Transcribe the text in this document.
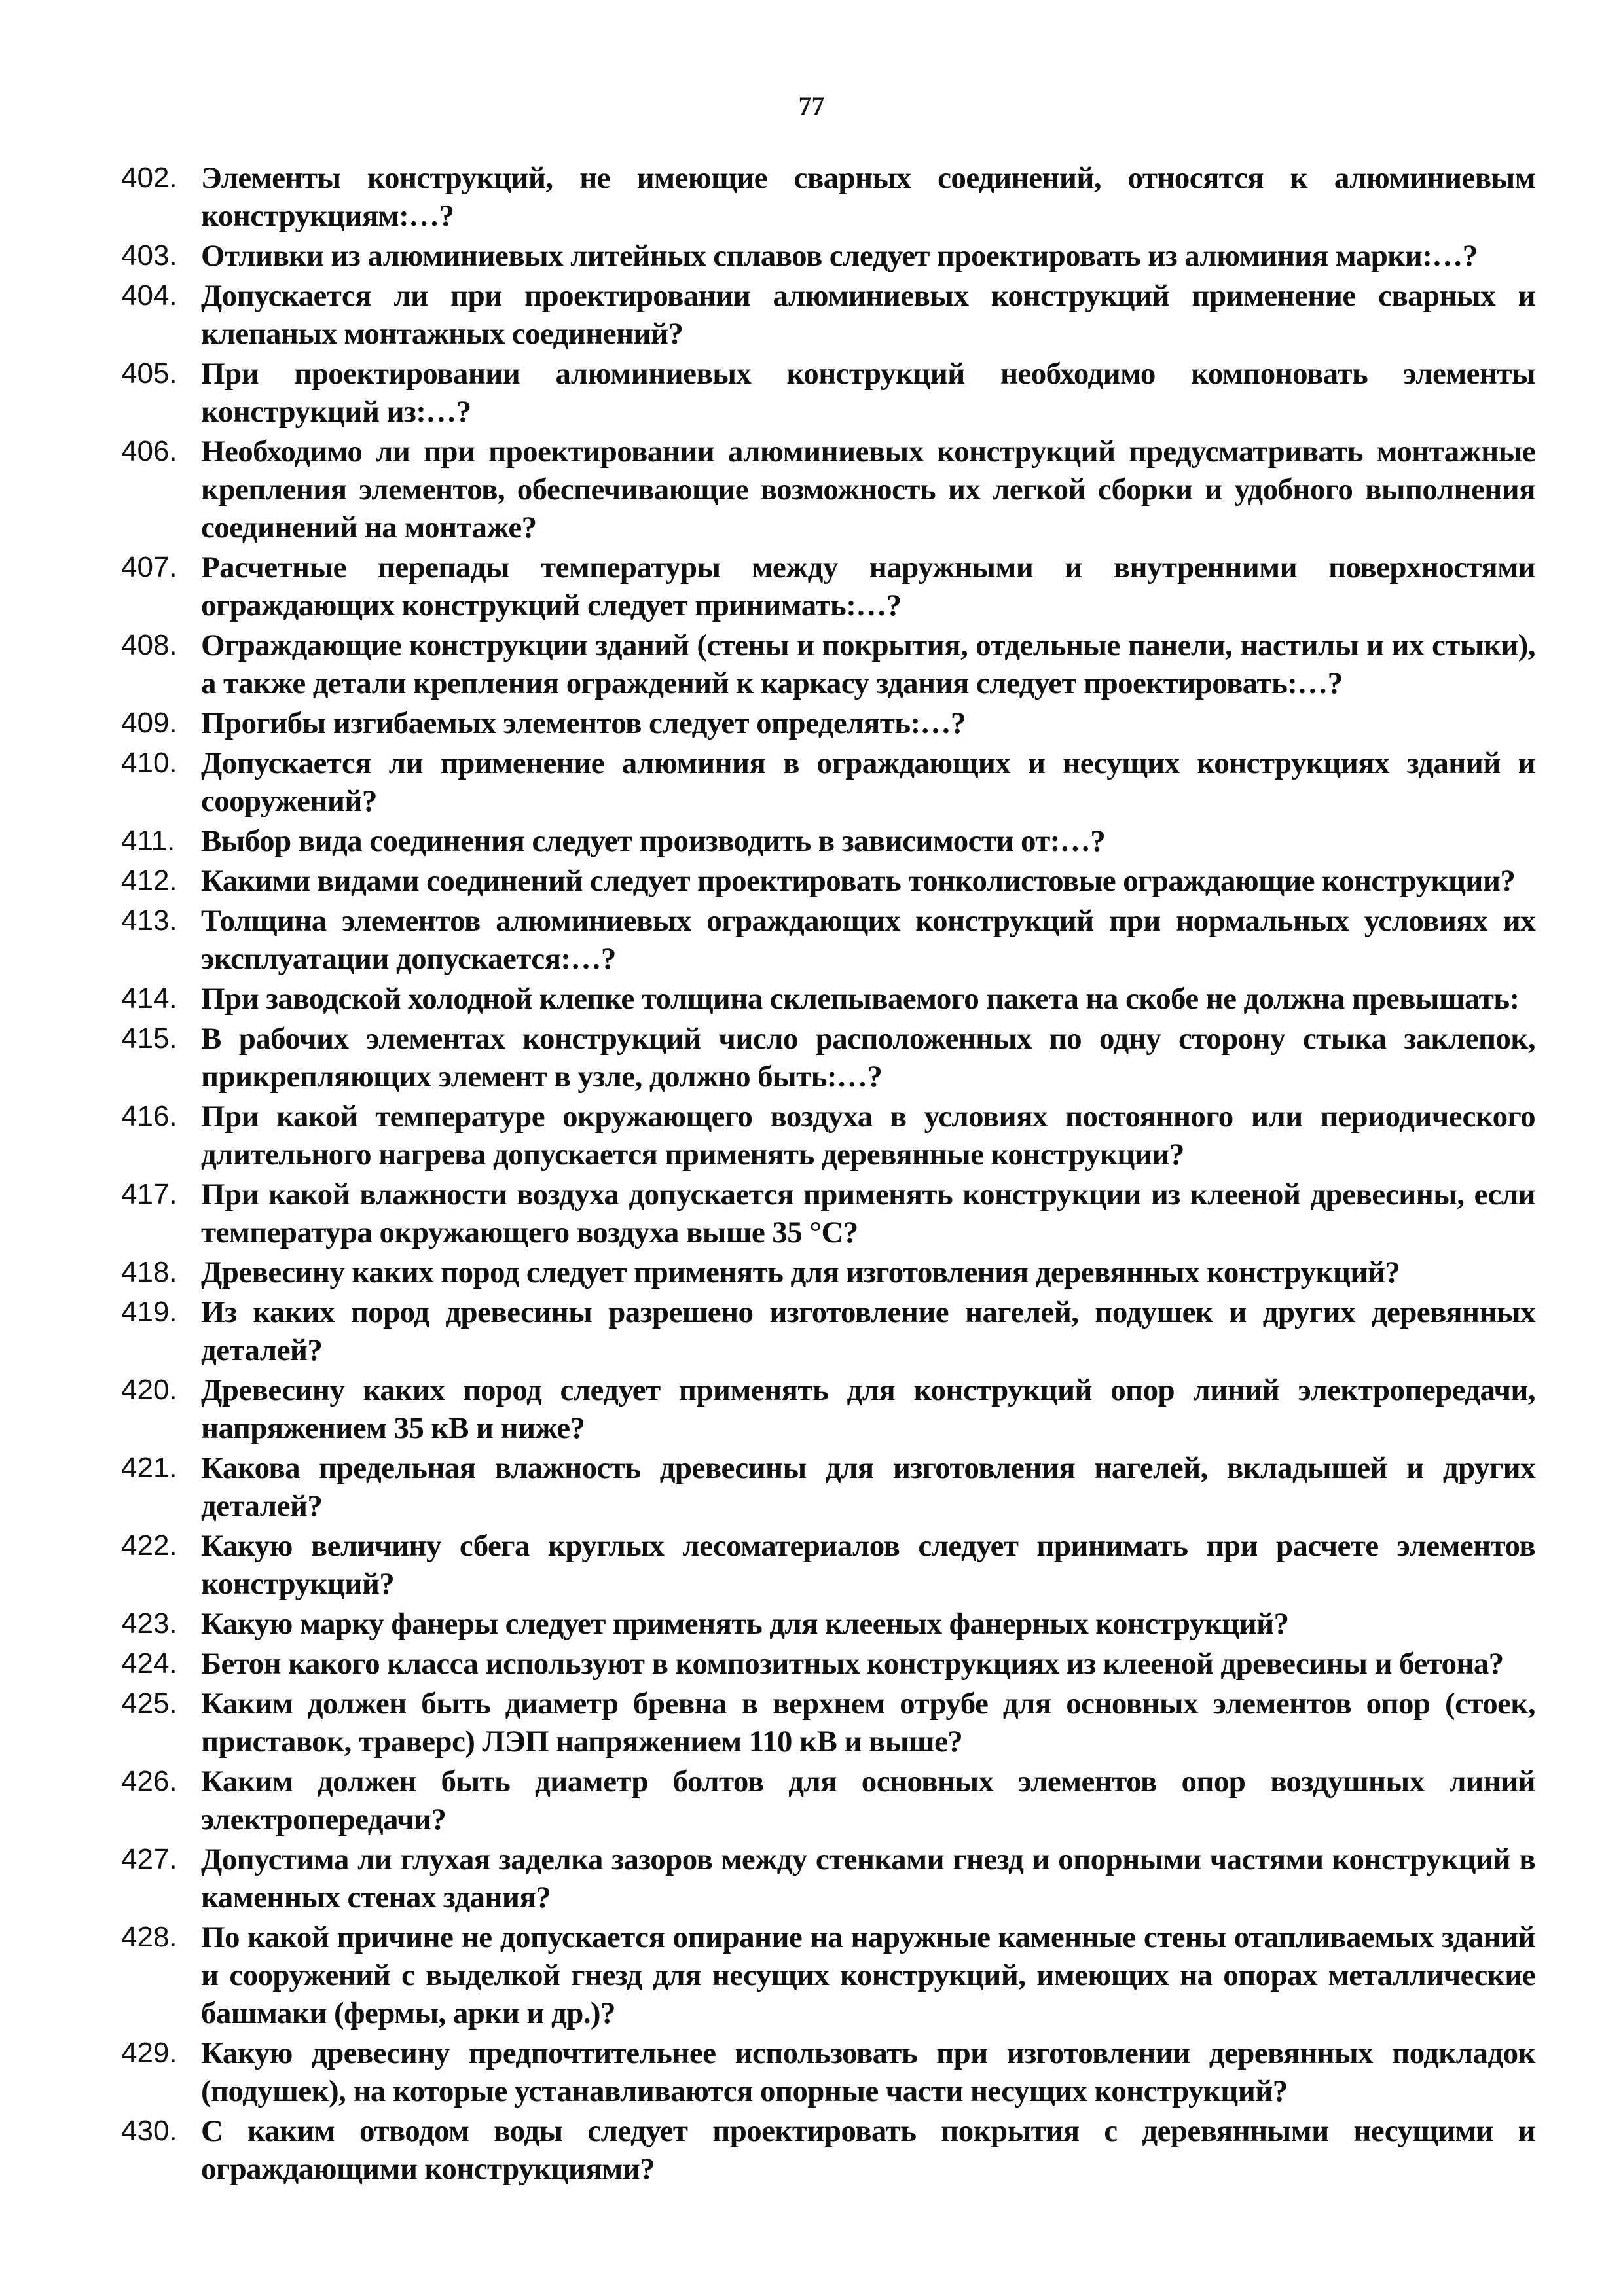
77
402. Элементы конструкций, не имеющие сварных соединений, относятся к алюминиевым конструкциям:…?
403. Отливки из алюминиевых литейных сплавов следует проектировать из алюминия марки:…?
404. Допускается ли при проектировании алюминиевых конструкций применение сварных и клепаных монтажных соединений?
405. При проектировании алюминиевых конструкций необходимо компоновать элементы конструкций из:…?
406. Необходимо ли при проектировании алюминиевых конструкций предусматривать монтажные крепления элементов, обеспечивающие возможность их легкой сборки и удобного выполнения соединений на монтаже?
407. Расчетные перепады температуры между наружными и внутренними поверхностями ограждающих конструкций следует принимать:…?
408. Ограждающие конструкции зданий (стены и покрытия, отдельные панели, настилы и их стыки), а также детали крепления ограждений к каркасу здания следует проектировать:…?
409. Прогибы изгибаемых элементов следует определять:…?
410. Допускается ли применение алюминия в ограждающих и несущих конструкциях зданий и сооружений?
411. Выбор вида соединения следует производить в зависимости от:…?
412. Какими видами соединений следует проектировать тонколистовые ограждающие конструкции?
413. Толщина элементов алюминиевых ограждающих конструкций при нормальных условиях их эксплуатации допускается:…?
414. При заводской холодной клепке толщина склепываемого пакета на скобе не должна превышать:
415. В рабочих элементах конструкций число расположенных по одну сторону стыка заклепок, прикрепляющих элемент в узле, должно быть:…?
416. При какой температуре окружающего воздуха в условиях постоянного или периодического длительного нагрева допускается применять деревянные конструкции?
417. При какой влажности воздуха допускается применять конструкции из клееной древесины, если температура окружающего воздуха выше 35 °С?
418. Древесину каких пород следует применять для изготовления деревянных конструкций?
419. Из каких пород древесины разрешено изготовление нагелей, подушек и других деревянных деталей?
420. Древесину каких пород следует применять для конструкций опор линий электропередачи, напряжением 35 кВ и ниже?
421. Какова предельная влажность древесины для изготовления нагелей, вкладышей и других деталей?
422. Какую величину сбега круглых лесоматериалов следует принимать при расчете элементов конструкций?
423. Какую марку фанеры следует применять для клееных фанерных конструкций?
424. Бетон какого класса используют в композитных конструкциях из клееной древесины и бетона?
425. Каким должен быть диаметр бревна в верхнем отрубе для основных элементов опор (стоек, приставок, траверс) ЛЭП напряжением 110 кВ и выше?
426. Каким должен быть диаметр болтов для основных элементов опор воздушных линий электропередачи?
427. Допустима ли глухая заделка зазоров между стенками гнезд и опорными частями конструкций в каменных стенах здания?
428. По какой причине не допускается опирание на наружные каменные стены отапливаемых зданий и сооружений с выделкой гнезд для несущих конструкций, имеющих на опорах металлические башмаки (фермы, арки и др.)?
429. Какую древесину предпочтительнее использовать при изготовлении деревянных подкладок (подушек), на которые устанавливаются опорные части несущих конструкций?
430. С каким отводом воды следует проектировать покрытия с деревянными несущими и ограждающими конструкциями?
